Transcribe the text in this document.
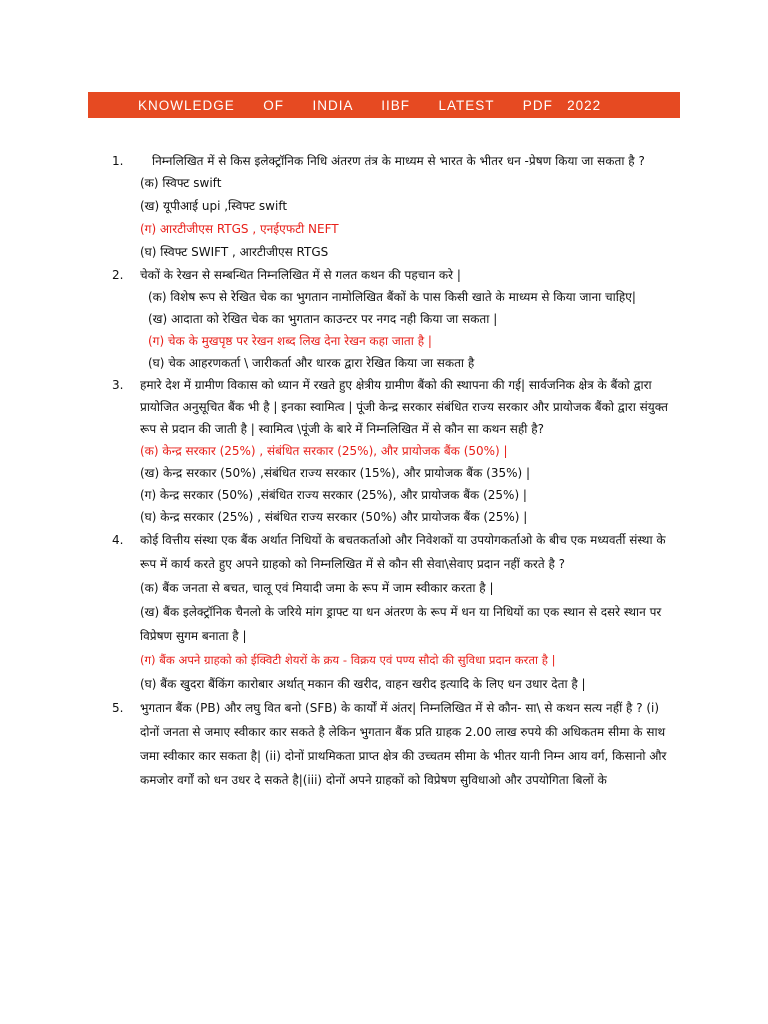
KNOWLEDGE      OF      INDIA      IIBF      LATEST      PDF   2022
1.	निम्नलिखित में से किस इलेक्ट्रॉनिक निधि अंतरण तंत्र के माध्यम से भारत के भीतर धन -प्रेषण किया जा सकता है ?
(क) स्विफ्ट swift
(ख) यूपीआई upi ,स्विफ्ट swift
(ग) आरटीजीएस RTGS , एनईएफटी NEFT
(घ) स्विफ्ट SWIFT , आरटीजीएस RTGS
2. चेकों के रेखन से सम्बन्धित निम्नलिखित में से गलत कथन की पहचान करे |
(क) विशेष रूप से रेखित चेक का भुगतान नामोलिखित बैंकों के पास किसी खाते के माध्यम से किया जाना चाहिए|
(ख) आदाता को रेखित चेक का भुगतान काउन्टर पर नगद नही किया जा सकता |
(ग) चेक के मुखपृष्ठ पर रेखन शब्द लिख देना रेखन कहा जाता है |
(घ) चेक आहरणकर्ता \ जारीकर्ता और धारक द्वारा रेखित किया जा सकता है
3. हमारे देश में ग्रामीण विकास को ध्यान में रखते हुए क्षेत्रीय ग्रामीण बैंको की स्थापना की गई| सार्वजनिक क्षेत्र के बैंको द्वारा प्रायोजित अनुसूचित बैंक भी है | इनका स्वामित्व | पूंजी केन्द्र सरकार संबंधित राज्य सरकार और प्रायोजक बैंको द्वारा संयुक्त रूप से प्रदान की जाती है | स्वामित्व \पूंजी के बारे में निम्नलिखित में से कौन सा कथन सही है?
(क) केन्द्र सरकार (25%) , संबंधित सरकार (25%), और प्रायोजक बैंक (50%) |
(ख) केन्द्र सरकार (50%) ,संबंधित राज्य सरकार (15%), और प्रायोजक बैंक (35%) |
(ग) केन्द्र सरकार (50%) ,संबंधित राज्य सरकार (25%), और प्रायोजक बैंक (25%) |
(घ) केन्द्र सरकार (25%) , संबंधित राज्य सरकार (50%) और प्रायोजक बैंक (25%) |
4. कोई वित्तीय संस्था एक बैंक अर्थात निधियों के बचतकर्ताओ और निवेशकों या उपयोगकर्ताओ के बीच एक मध्यवर्ती संस्था के रूप में कार्य करते हुए अपने ग्राहको को निम्नलिखित में से कौन सी सेवा\सेवाए प्रदान नहीं करते है ?
(क) बैंक जनता से बचत, चालू एवं मियादी जमा के रूप में जाम स्वीकार करता है |
(ख) बैंक इलेक्ट्रॉनिक चैनलो के जरिये मांग ड्राफ्ट या धन अंतरण के रूप में धन या निधियों का एक स्थान से दसरे स्थान पर विप्रेषण सुगम बनाता है |
(ग) बैंक अपने ग्राहको को ईक्विटी शेयरों के क्रय - विक्रय एवं पण्य सौदो की सुविधा प्रदान करता है |
(घ) बैंक खुदरा बैंकिंग कारोबार अर्थात् मकान की खरीद, वाहन खरीद इत्यादि के लिए धन उधार देता है |
5. भुगतान बैंक (PB) और लघु वित बनो (SFB) के कार्यों में अंतर| निम्नलिखित में से कौन- सा\ से कथन सत्य नहीं है ? (i) दोनों जनता से जमाए स्वीकार कार सकते है लेकिन भुगतान बैंक प्रति ग्राहक 2.00 लाख रुपये की अधिकतम सीमा के साथ जमा स्वीकार कार सकता है| (ii) दोनों प्राथमिकता प्राप्त क्षेत्र की उच्चतम सीमा के भीतर यानी निम्न आय वर्ग, किसानो और कमजोर वर्गों को धन उधर दे सकते है|(iii) दोनों अपने ग्राहकों को विप्रेषण सुविधाओ और उपयोगिता बिलों के
